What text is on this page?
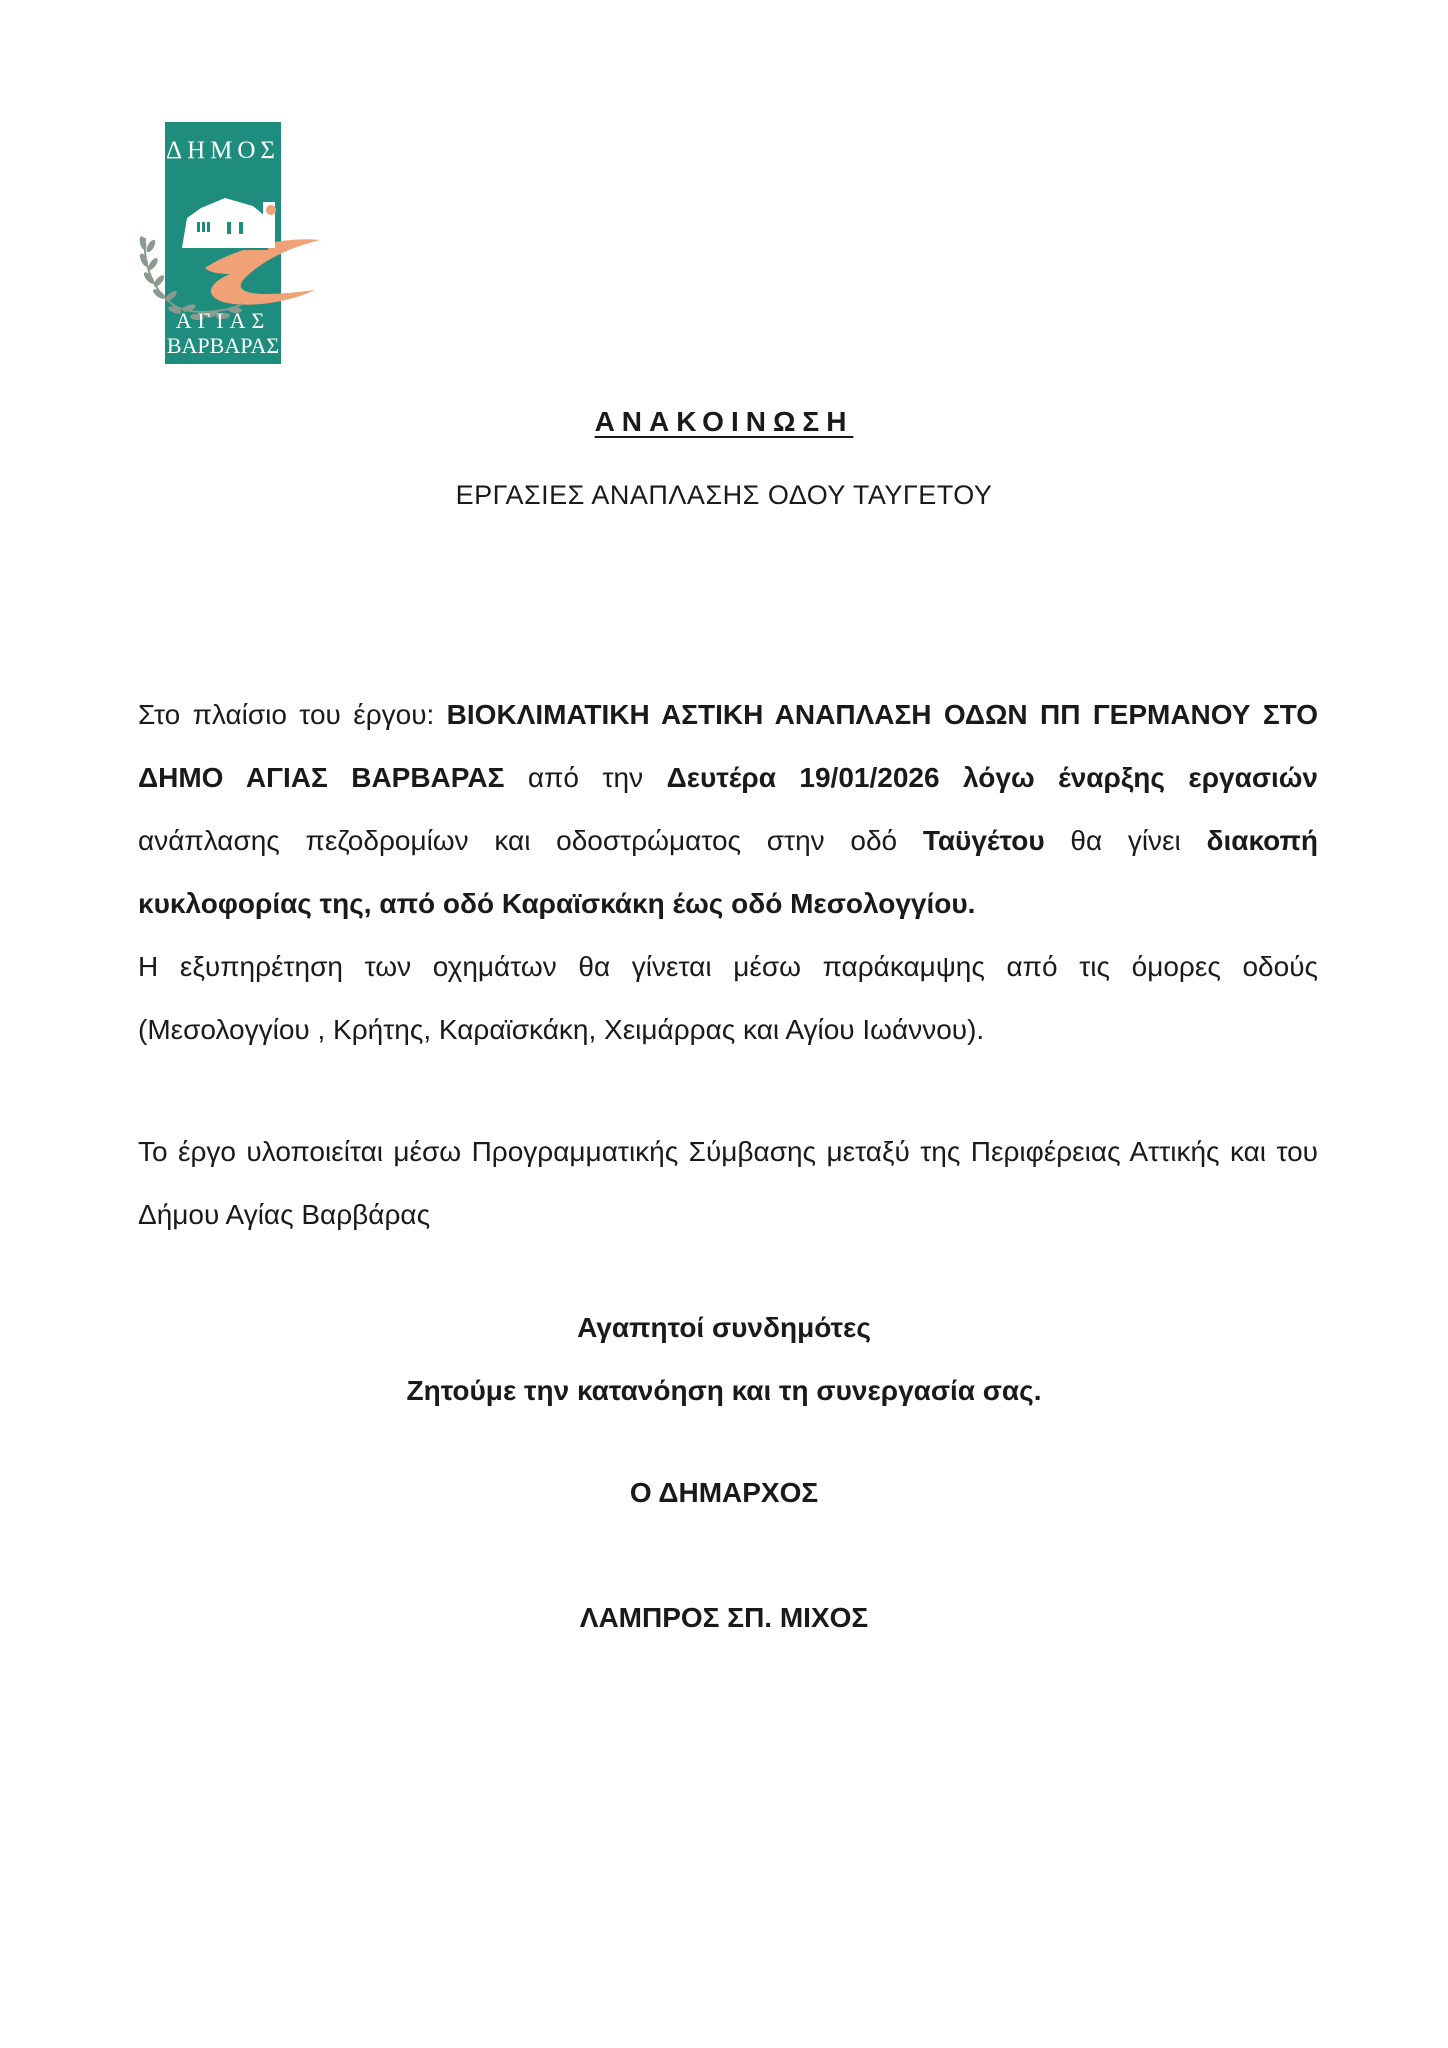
ΔΗΜΟΣ
ΑΓΙΑΣ
ΒΑΡΒΑΡΑΣ
ΑΝΑΚΟΙΝΩΣΗ
ΕΡΓΑΣΙΕΣ ΑΝΑΠΛΑΣΗΣ ΟΔΟΥ ΤΑΥΓΕΤΟΥ
Στο πλαίσιο του έργου: ΒΙΟΚΛΙΜΑΤΙΚΗ ΑΣΤΙΚΗ ΑΝΑΠΛΑΣΗ ΟΔΩΝ ΠΠ ΓΕΡΜΑΝΟΥ ΣΤΟ ΔΗΜΟ ΑΓΙΑΣ ΒΑΡΒΑΡΑΣ από την Δευτέρα 19/01/2026 λόγω έναρξης εργασιών ανάπλασης πεζοδρομίων και οδοστρώματος στην οδό Ταϋγέτου θα γίνει διακοπή κυκλοφορίας της, από οδό Καραϊσκάκη έως οδό Μεσολογγίου.
Η εξυπηρέτηση των οχημάτων θα γίνεται μέσω παράκαμψης από τις όμορες οδούς (Μεσολογγίου , Κρήτης, Καραϊσκάκη, Χειμάρρας και Αγίου Ιωάννου).
Το έργο υλοποιείται μέσω Προγραμματικής Σύμβασης μεταξύ της Περιφέρειας Αττικής και του Δήμου Αγίας Βαρβάρας
Αγαπητοί συνδημότες
Ζητούμε την κατανόηση και τη συνεργασία σας.
Ο ΔΗΜΑΡΧΟΣ
ΛΑΜΠΡΟΣ ΣΠ. ΜΙΧΟΣ
